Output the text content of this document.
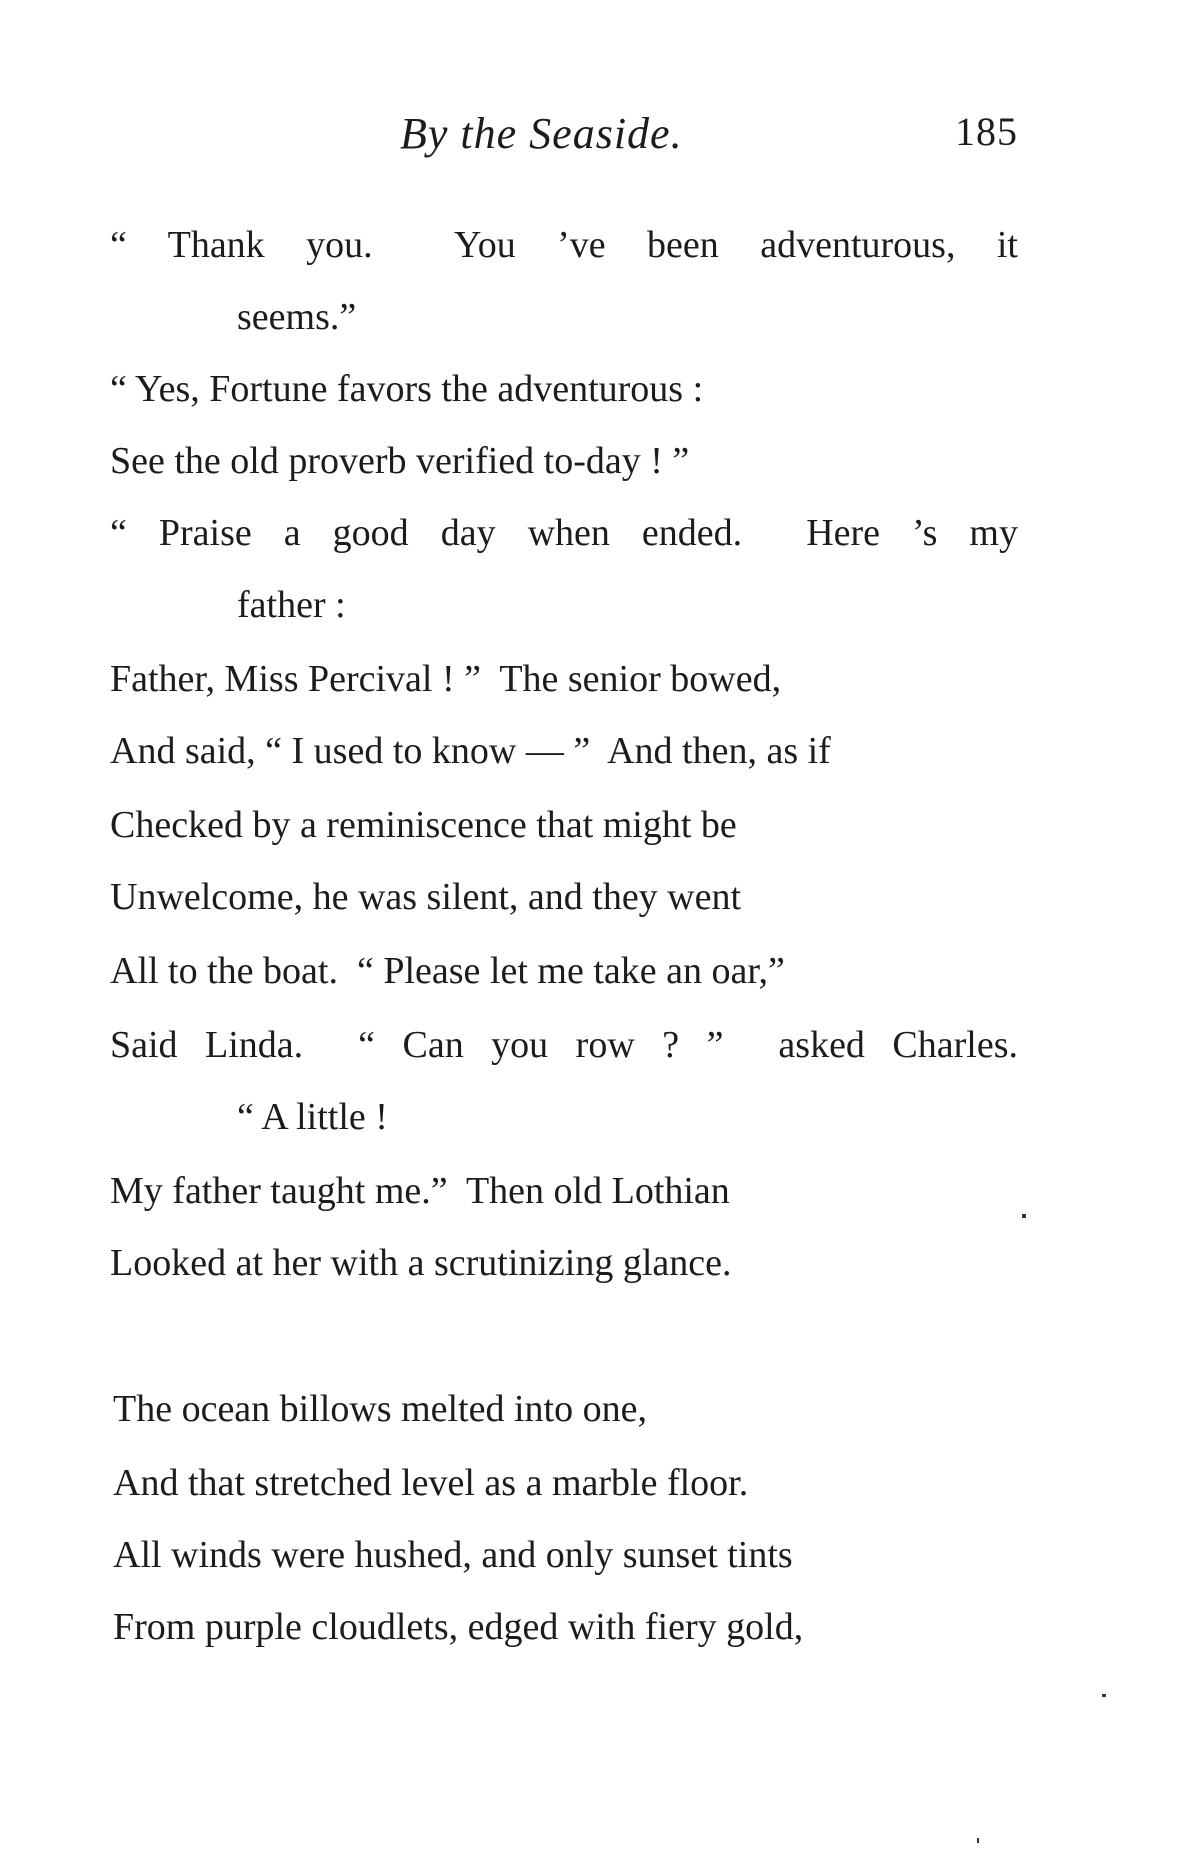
By the Seaside.	185
“ Thank you.  You ’ve been adventurous, it
seems.”
“ Yes, Fortune favors the adventurous :
See the old proverb verified to-day ! ”
“ Praise a good day when ended.  Here ’s my
father :
Father, Miss Percival ! ”  The senior bowed,
And said, “ I used to know — ”  And then, as if
Checked by a reminiscence that might be
Unwelcome, he was silent, and they went
All to the boat.  “ Please let me take an oar,”
Said Linda.  “ Can you row ? ”  asked Charles.
“ A little !
My father taught me.”  Then old Lothian
Looked at her with a scrutinizing glance.
The ocean billows melted into one,
And that stretched level as a marble floor.
All winds were hushed, and only sunset tints
From purple cloudlets, edged with fiery gold,
